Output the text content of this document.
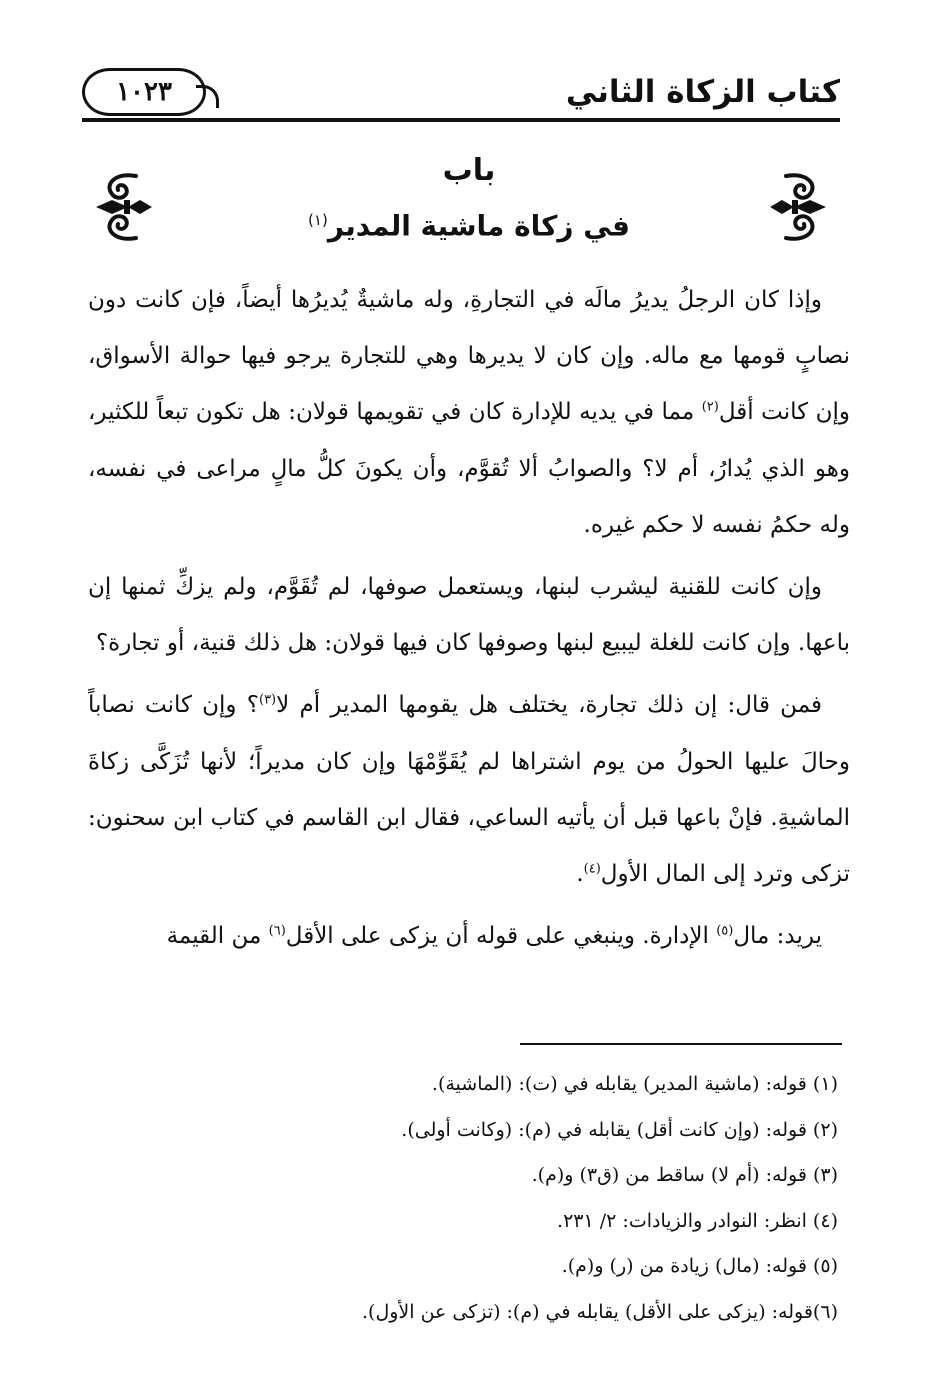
كتاب الزكاة الثاني
١٠٢٣
باب
في زكاة ماشية المدير$^{(١)}$

وإذا كان الرجلُ يديرُ مالَه في التجارةِ، وله ماشيةٌ يُديرُها أيضاً، فإن كانت دون نصابٍ قومها مع ماله. وإن كان لا يديرها وهي للتجارة يرجو فيها حوالة الأسواق، وإن كانت أقل$^{(٢)}$ مما في يديه للإدارة كان في تقويمها قولان: هل تكون تبعاً للكثير، وهو الذي يُدارُ، أم لا؟ والصوابُ ألا تُقوَّم، وأن يكونَ كلُّ مالٍ مراعى في نفسه، وله حكمُ نفسه لا حكم غيره.

وإن كانت للقنية ليشرب لبنها، ويستعمل صوفها، لم تُقَوَّم، ولم يزكِّ ثمنها إن باعها. وإن كانت للغلة ليبيع لبنها وصوفها كان فيها قولان: هل ذلك قنية، أو تجارة؟

فمن قال: إن ذلك تجارة، يختلف هل يقومها المدير أم لا$^{(٣)}$؟ وإن كانت نصاباً وحالَ عليها الحولُ من يوم اشتراها لم يُقَوِّمْهَا وإن كان مديراً؛ لأنها تُزَكَّى زكاةَ الماشيةِ. فإنْ باعها قبل أن يأتيه الساعي، فقال ابن القاسم في كتاب ابن سحنون: تزكى وترد إلى المال الأول$^{(٤)}$.

يريد: مال$^{(٥)}$ الإدارة. وينبغي على قوله أن يزكى على الأقل$^{(٦)}$ من القيمة

(١) قوله: (ماشية المدير) يقابله في (ت): (الماشية).
(٢) قوله: (وإن كانت أقل) يقابله في (م): (وكانت أولى).
(٣) قوله: (أم لا) ساقط من (ق٣) و(م).
(٤) انظر: النوادر والزيادات: ٢/ ٢٣١.
(٥) قوله: (مال) زيادة من (ر) و(م).
(٦)قوله: (يزكى على الأقل) يقابله في (م): (تزكى عن الأول).
